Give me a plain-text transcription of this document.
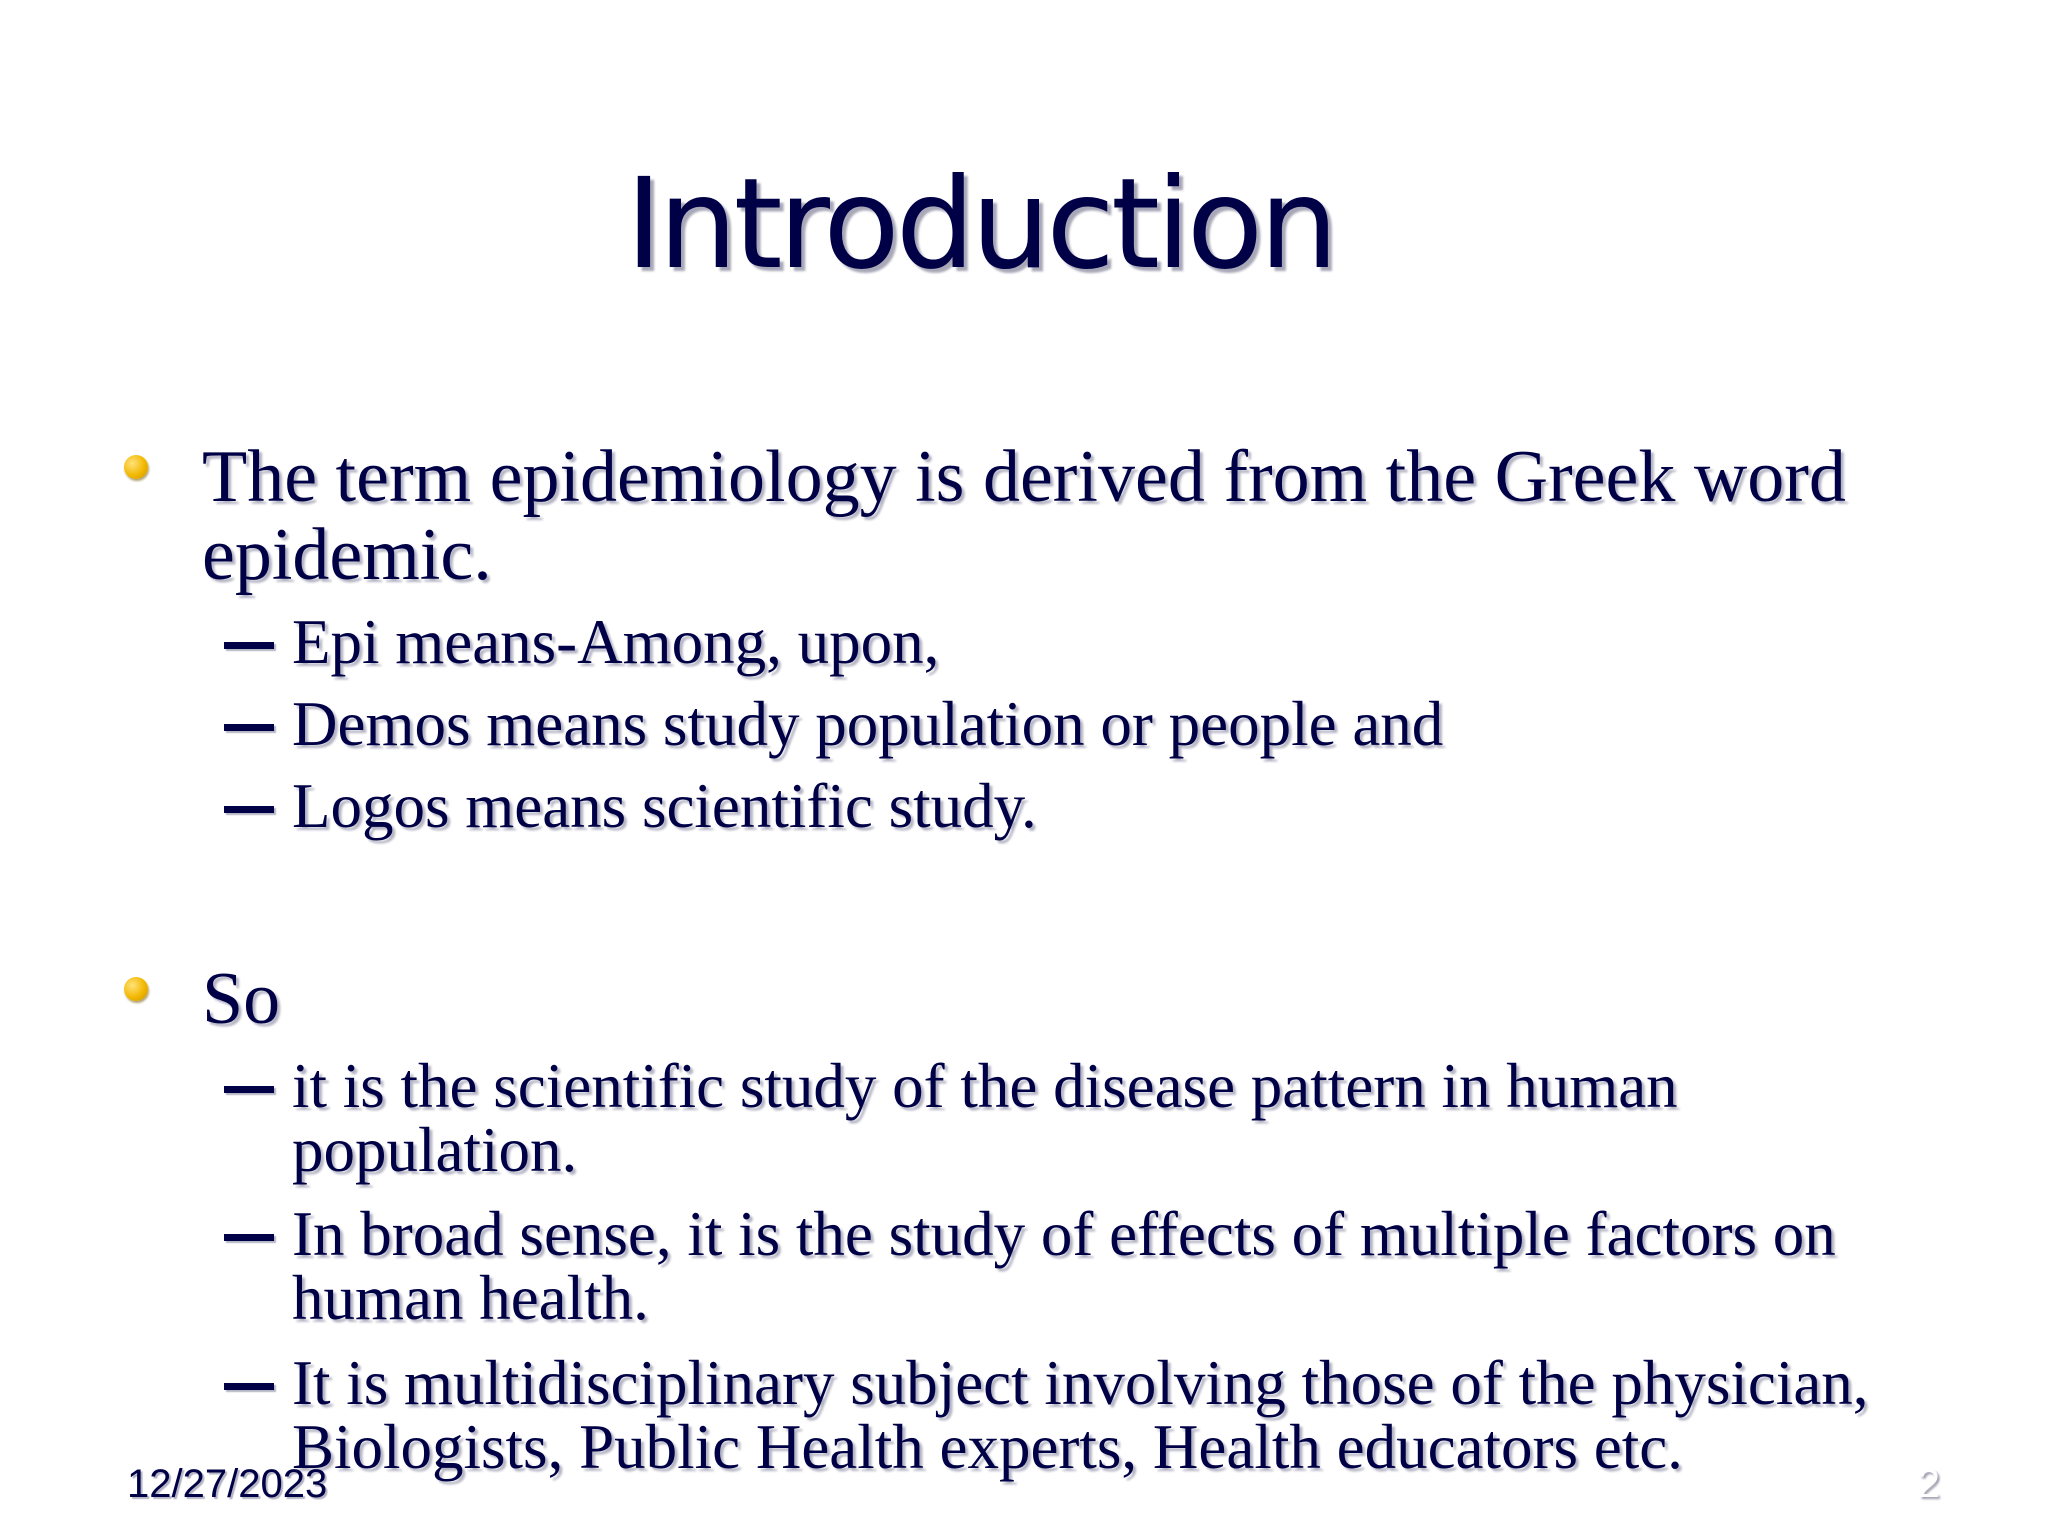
Introduction
The term epidemiology is derived from the Greek word
epidemic.
Epi means-Among, upon,
Demos means study population or people and
Logos means scientific study.
So
it is the scientific study of the disease pattern in human
population.
In broad sense, it is the study of effects of multiple factors on
human health.
It is multidisciplinary subject involving those of the physician,
Biologists, Public Health experts, Health educators etc.
12/27/2023	2
